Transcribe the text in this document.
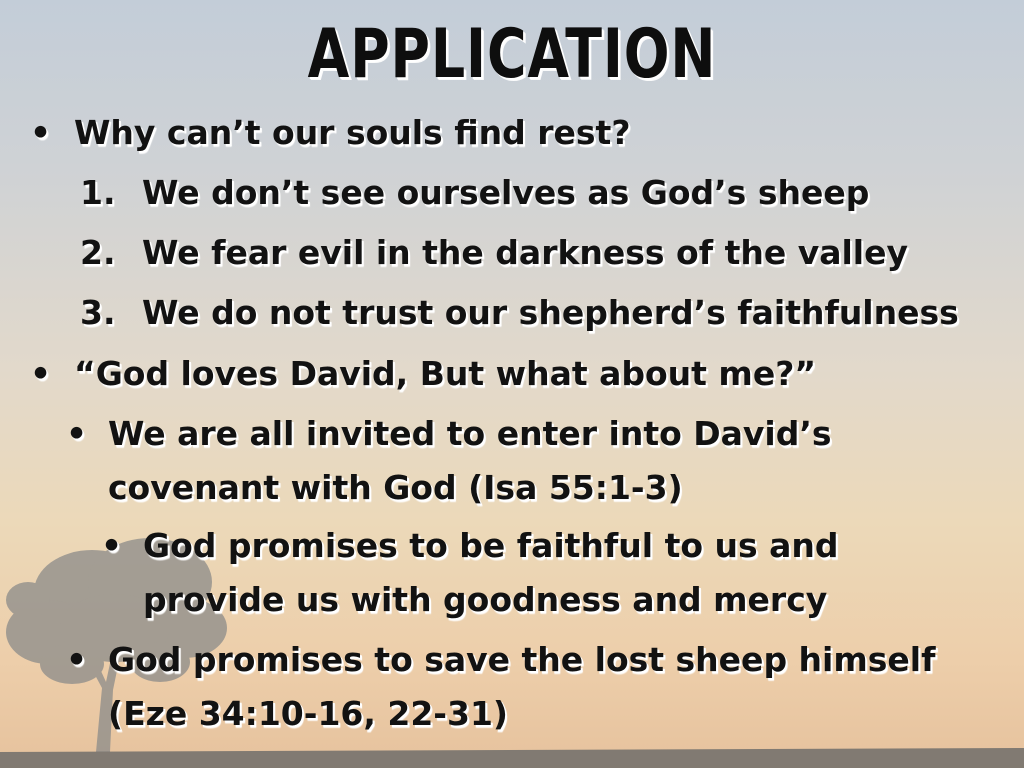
APPLICATION
• Why can’t our souls find rest?
1. We don’t see ourselves as God’s sheep
2. We fear evil in the darkness of the valley
3. We do not trust our shepherd’s faithfulness
• “God loves David, But what about me?”
• We are all invited to enter into David’s
covenant with God (Isa 55:1-3)
• God promises to be faithful to us and
provide us with goodness and mercy
• God promises to save the lost sheep himself
(Eze 34:10-16, 22-31)
